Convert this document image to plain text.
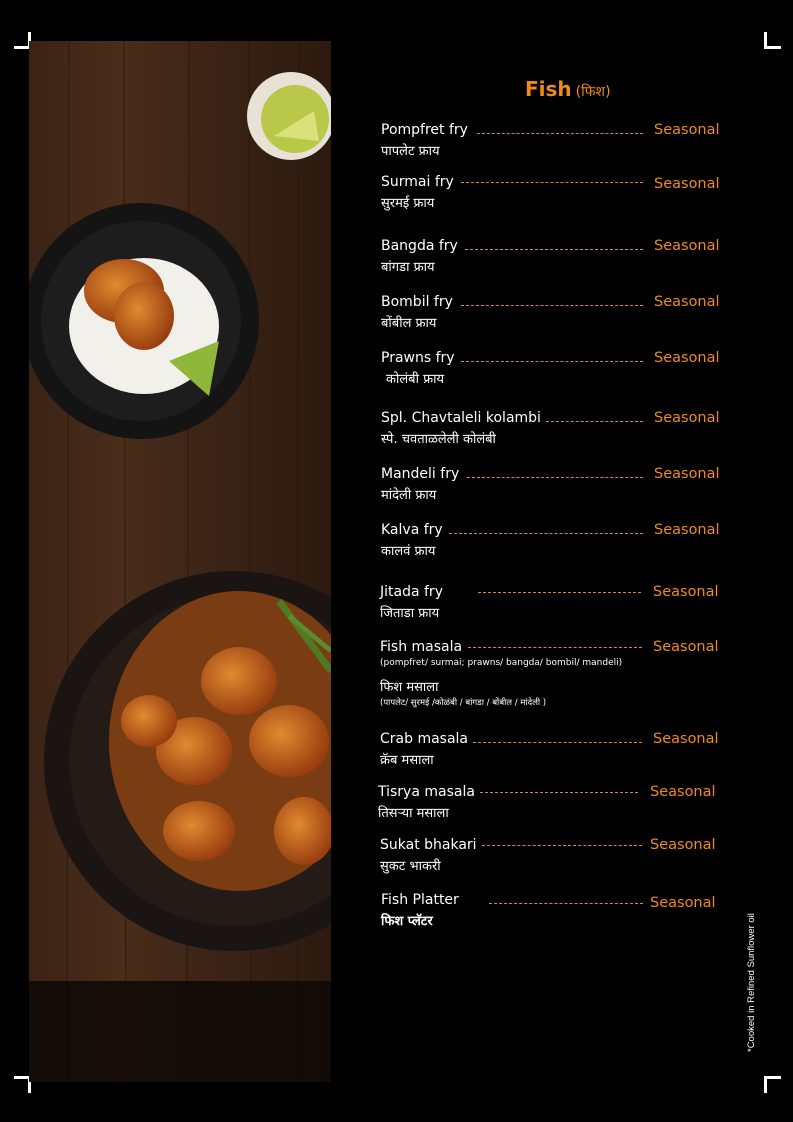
Fish (फिश)
Pompfret fry	Seasonal
पापलेट फ्राय
Surmai fry	Seasonal
सुरमई फ्राय
Bangda fry	Seasonal
बांगडा फ्राय
Bombil fry	Seasonal
बोंबील फ्राय
Prawns fry	Seasonal
कोलंबी फ्राय
Spl. Chavtaleli kolambi	Seasonal
स्पे. चवताळलेली कोलंबी
Mandeli fry	Seasonal
मांदेली फ्राय
Kalva fry	Seasonal
कालवं फ्राय
Jitada fry	Seasonal
जिताडा फ्राय
Fish masala	Seasonal
(pompfret/ surmai; prawns/ bangda/ bombil/ mandeli)
फिश मसाला
(पापलेट/ सुरमई /कोळंबी / बांगडा / बोंबील / मांदेली )
Crab masala	Seasonal
क्रॅब मसाला
Tisrya masala	Seasonal
तिसऱ्या मसाला
Sukat bhakari	Seasonal
सुकट भाकरी
Fish Platter	Seasonal
फिश प्लॅटर	*Cooked in Refined Sunflower oil
